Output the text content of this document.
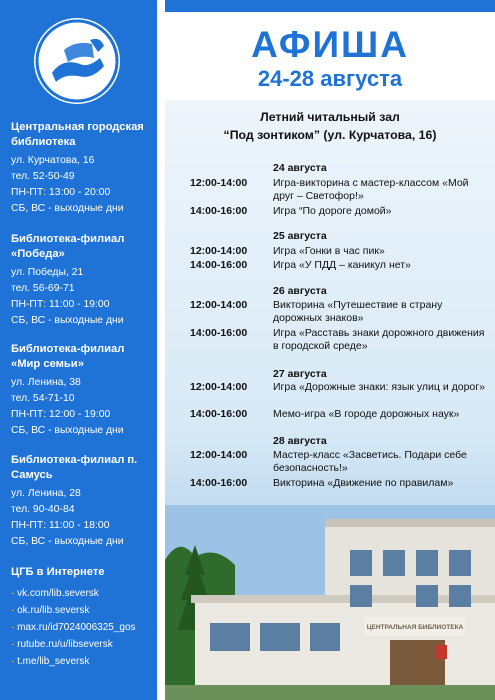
Центральная городская библиотека
ул. Курчатова, 16
тел. 52-50-49
ПН-ПТ: 13:00 - 20:00
СБ, ВС - выходные дни
Библиотека-филиал «Победа»
ул. Победы, 21
тел. 56-69-71
ПН-ПТ: 11:00 - 19:00
СБ, ВС - выходные дни
Библиотека-филиал «Мир семьи»
ул. Ленина, 38
тел. 54-71-10
ПН-ПТ: 12:00 - 19:00
СБ, ВС - выходные дни
Библиотека-филиал п. Самусь
ул. Ленина, 28
тел. 90-40-84
ПН-ПТ: 11:00 - 18:00
СБ, ВС - выходные дни
ЦГБ в Интернете
· vk.com/lib.seversk
· ok.ru/lib.seversk
· max.ru/id7024006325_gos
· rutube.ru/u/libseversk
· t.me/lib_seversk
АФИША
24-28 августа
Летний читальный зал
“Под зонтиком” (ул. Курчатова, 16)
24 августа
12:00-14:00 Игра-викторина с мастер-классом «Мой друг – Светофор!»
14:00-16:00 Игра “По дороге домой»
25 августа
12:00-14:00 Игра «Гонки в час пик»
14:00-16:00 Игра «У ПДД – каникул нет»
26 августа
12:00-14:00 Викторина «Путешествие в страну дорожных знаков»
14:00-16:00 Игра «Расставь знаки дорожного движения в городской среде»
27 августа
12:00-14:00 Игра «Дорожные знаки: язык улиц и дорог»
14:00-16:00 Мемо-игра «В городе дорожных наук»
28 августа
12:00-14:00 Мастер-класс «Засветись. Подари себе безопасность!»
14:00-16:00 Викторина «Движение по правилам»
ЦЕНТРАЛЬНАЯ БИБЛИОТЕКА
